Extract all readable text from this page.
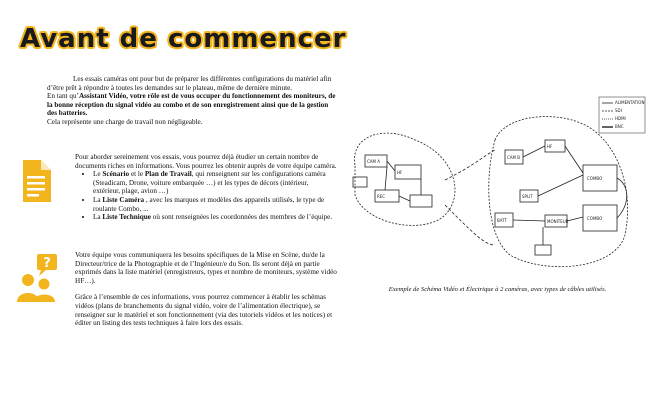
Avant de commencer

Les essais caméras ont pour but de préparer les différentes configurations du matériel afin d’être prêt à répondre à toutes les demandes sur le plateau, même de dernière minute.

En tant qu’Assistant Vidéo, votre rôle est de vous occuper du fonctionnement des moniteurs, de la bonne réception du signal vidéo au combo et de son enregistrement ainsi que de la gestion des batteries.

Cela représente une charge de travail non négligeable.

Pour aborder sereinement vos essais, vous pourrez déjà étudier un certain nombre de documents riches en informations. Vous pourrez les obtenir auprès de votre équipe caméra.

• Le Scénario et le Plan de Travail, qui renseignent sur les configurations caméra (Steadicam, Drone, voiture embarquée …) et les types de décors (intérieur, extérieur, plage, avion …)
• La Liste Caméra , avec les marques et modèles des appareils utilisés, le type de roulante Combo, ...
• La Liste Technique où sont renseignées les coordonnées des membres de l’équipe.
?

Votre équipe vous communiquera les besoins spécifiques de la Mise en Scène, du/de la Directeur/trice de la Photographie et de l’Ingénieur/e du Son. Ils seront déjà en partie exprimés dans la liste matériel (enregistreurs, types et nombre de moniteurs, système vidéo HF…).

Grâce à l’ensemble de ces informations, vous pourrez commencer à établir les schémas vidéos (plans de branchements du signal vidéo, voire de l’alimentation électrique), se renseigner sur le matériel et son fonctionnement (via des tutoriels vidéos et les notices) et éditer un listing des tests techniques à faire lors des essais.

ALIMENTATION
SDI
HDMI
BNC
CAM A
CAM B
HF
HF
COMBO
COMBO
REC
MONITEUR
BATT
SPLIT
Exemple de Schéma Vidéo et Électrique à 2 caméras, avec types de câbles utilisés.
